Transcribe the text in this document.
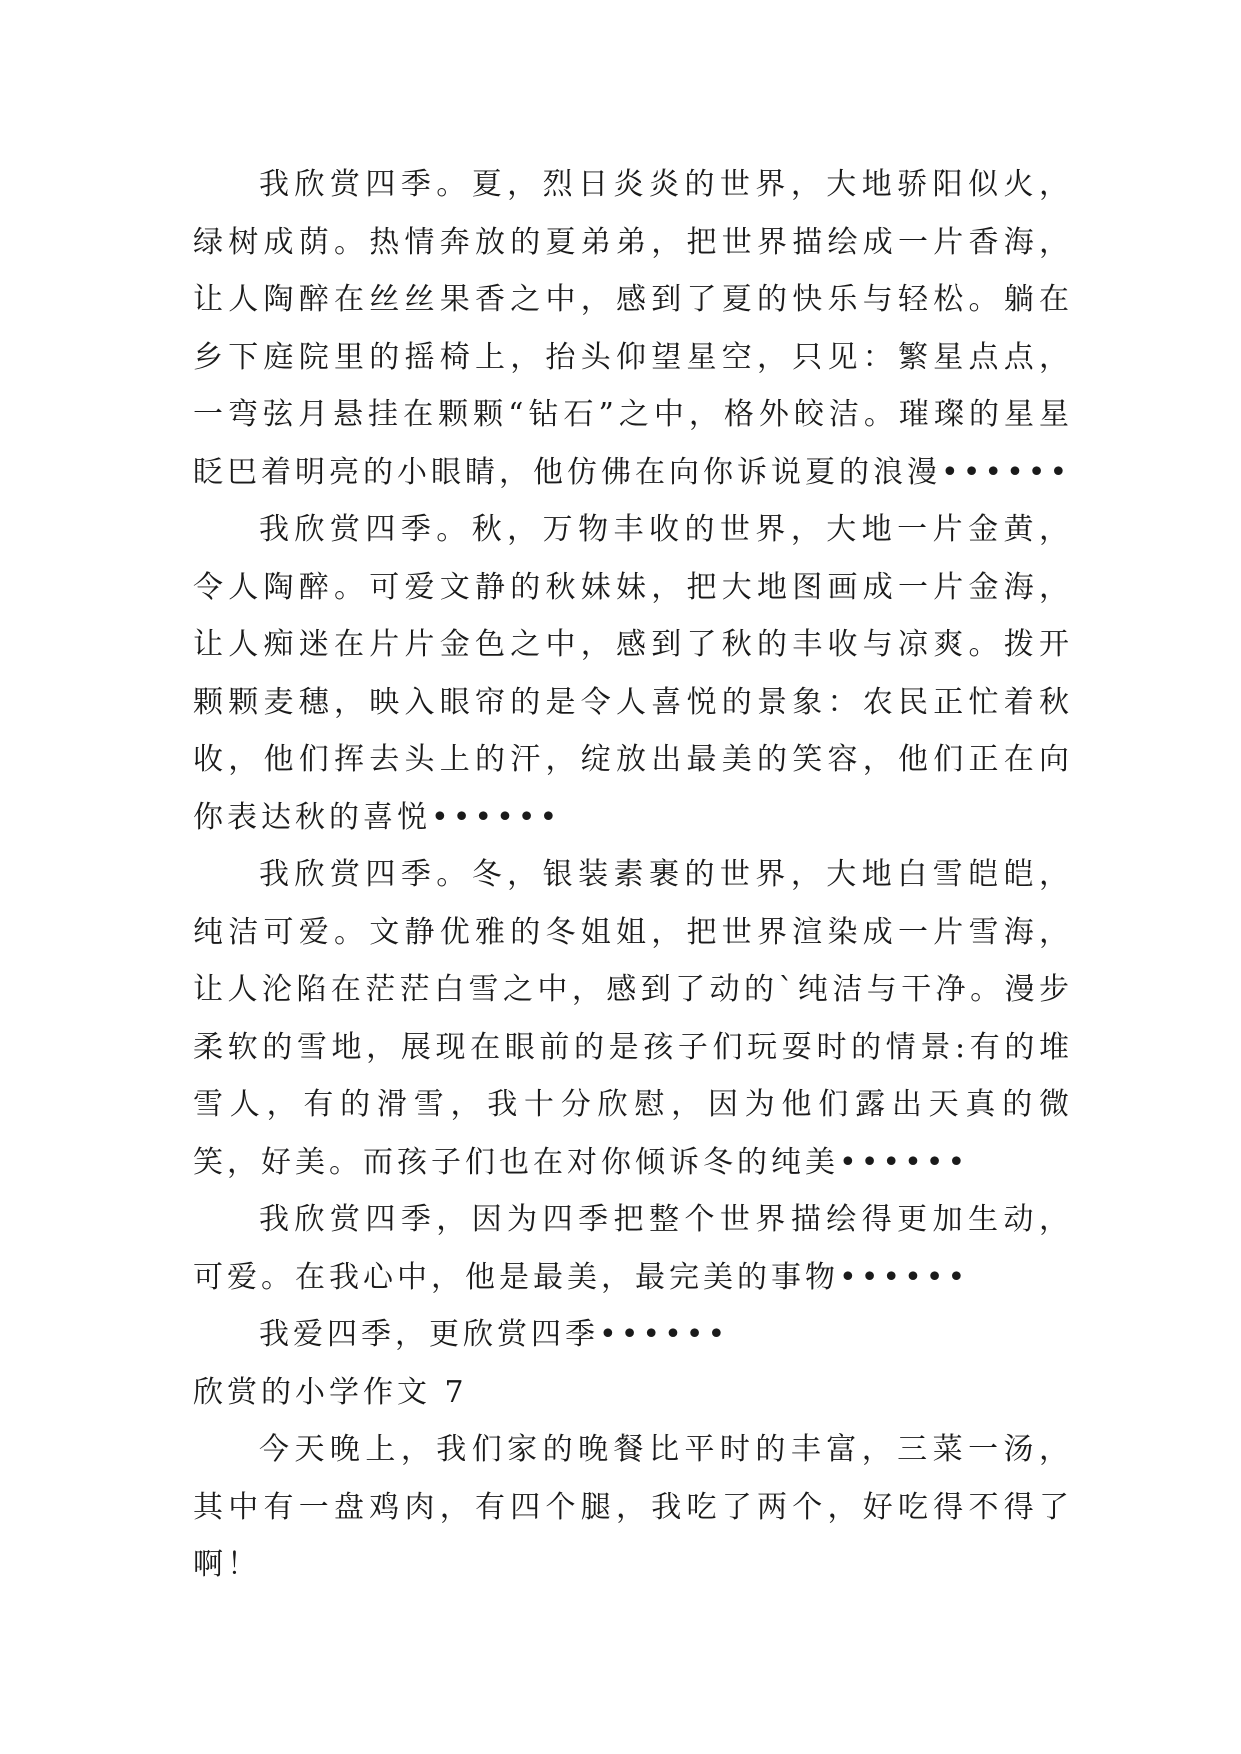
我欣赏四季。夏，烈日炎炎的世界，大地骄阳似火，绿树成荫。热情奔放的夏弟弟，把世界描绘成一片香海，让人陶醉在丝丝果香之中，感到了夏的快乐与轻松。躺在乡下庭院里的摇椅上，抬头仰望星空，只见：繁星点点，一弯弦月悬挂在颗颗“钻石”之中，格外皎洁。璀璨的星星眨巴着明亮的小眼睛，他仿佛在向你诉说夏的浪漫••••••

我欣赏四季。秋，万物丰收的世界，大地一片金黄，令人陶醉。可爱文静的秋妹妹，把大地图画成一片金海，让人痴迷在片片金色之中，感到了秋的丰收与凉爽。拨开颗颗麦穗，映入眼帘的是令人喜悦的景象：农民正忙着秋收，他们挥去头上的汗，绽放出最美的笑容，他们正在向你表达秋的喜悦••••••

我欣赏四季。冬，银装素裹的世界，大地白雪皑皑，纯洁可爱。文静优雅的冬姐姐，把世界渲染成一片雪海，让人沦陷在茫茫白雪之中，感到了动的`纯洁与干净。漫步柔软的雪地，展现在眼前的是孩子们玩耍时的情景:有的堆雪人，有的滑雪，我十分欣慰，因为他们露出天真的微笑，好美。而孩子们也在对你倾诉冬的纯美••••••

我欣赏四季，因为四季把整个世界描绘得更加生动，可爱。在我心中，他是最美，最完美的事物••••••

我爱四季，更欣赏四季••••••

欣赏的小学作文 7

今天晚上，我们家的晚餐比平时的丰富，三菜一汤，其中有一盘鸡肉，有四个腿，我吃了两个，好吃得不得了啊！
